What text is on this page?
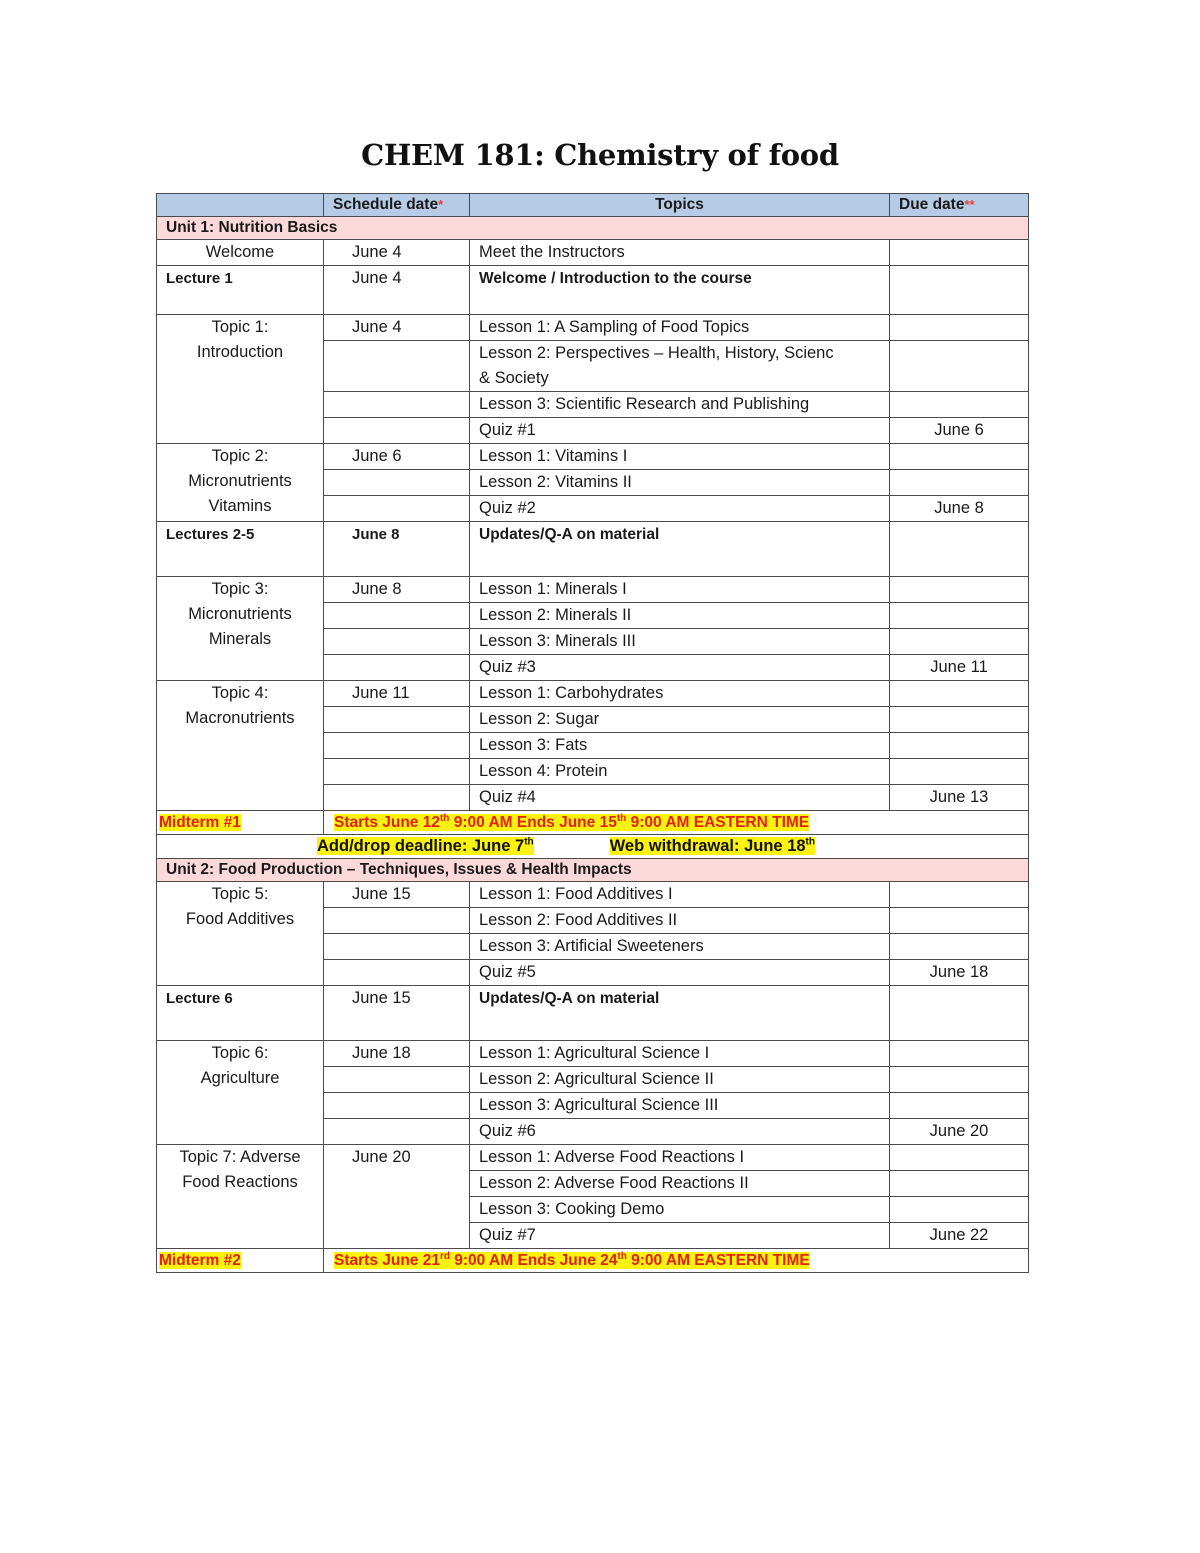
CHEM 181: Chemistry of food
	Schedule date*	Topics	Due date**
Unit 1: Nutrition Basics			
Welcome	June 4	Meet the Instructors	
Lecture 1	June 4	Welcome / Introduction to the course	

Topic 1:
Introduction	June 4	Lesson 1: A Sampling of Food Topics	

		Lesson 2: Perspectives – Health, History, Scienc
& Society	

		Lesson 3: Scientific Research and Publishing	
		Quiz #1	June 6

Topic 2:
Micronutrients
Vitamins	June 6	Lesson 1: Vitamins I	
		Lesson 2: Vitamins II	
		Quiz #2	June 8
Lectures 2-5	June 8	Updates/Q-A on material	

Topic 3:
Micronutrients
Minerals	June 8	Lesson 1: Minerals I	
		Lesson 2: Minerals II	
		Lesson 3: Minerals III	
		Quiz #3	June 11

Topic 4:
Macronutrients	June 11	Lesson 1: Carbohydrates	
		Lesson 2: Sugar	
		Lesson 3: Fats	
		Lesson 4: Protein	
		Quiz #4	June 13
Midterm #1	Starts June 12th 9:00 AM Ends June 15th 9:00 AM EASTERN TIME		
Add/drop deadline: June 7th Web withdrawal: June 18th
Unit 2: Food Production – Techniques, Issues & Health Impacts			

Topic 5:
Food Additives	June 15	Lesson 1: Food Additives I	
		Lesson 2: Food Additives II	
		Lesson 3: Artificial Sweeteners	
		Quiz #5	June 18
Lecture 6	June 15	Updates/Q-A on material	

Topic 6:
Agriculture	June 18	Lesson 1: Agricultural Science I	
		Lesson 2: Agricultural Science II	
		Lesson 3: Agricultural Science III	
		Quiz #6	June 20

Topic 7: Adverse
Food Reactions	June 20	Lesson 1: Adverse Food Reactions I	
		Lesson 2: Adverse Food Reactions II	
		Lesson 3: Cooking Demo	
		Quiz #7	June 22
Midterm #2	Starts June 21rd 9:00 AM Ends June 24th 9:00 AM EASTERN TIME		
